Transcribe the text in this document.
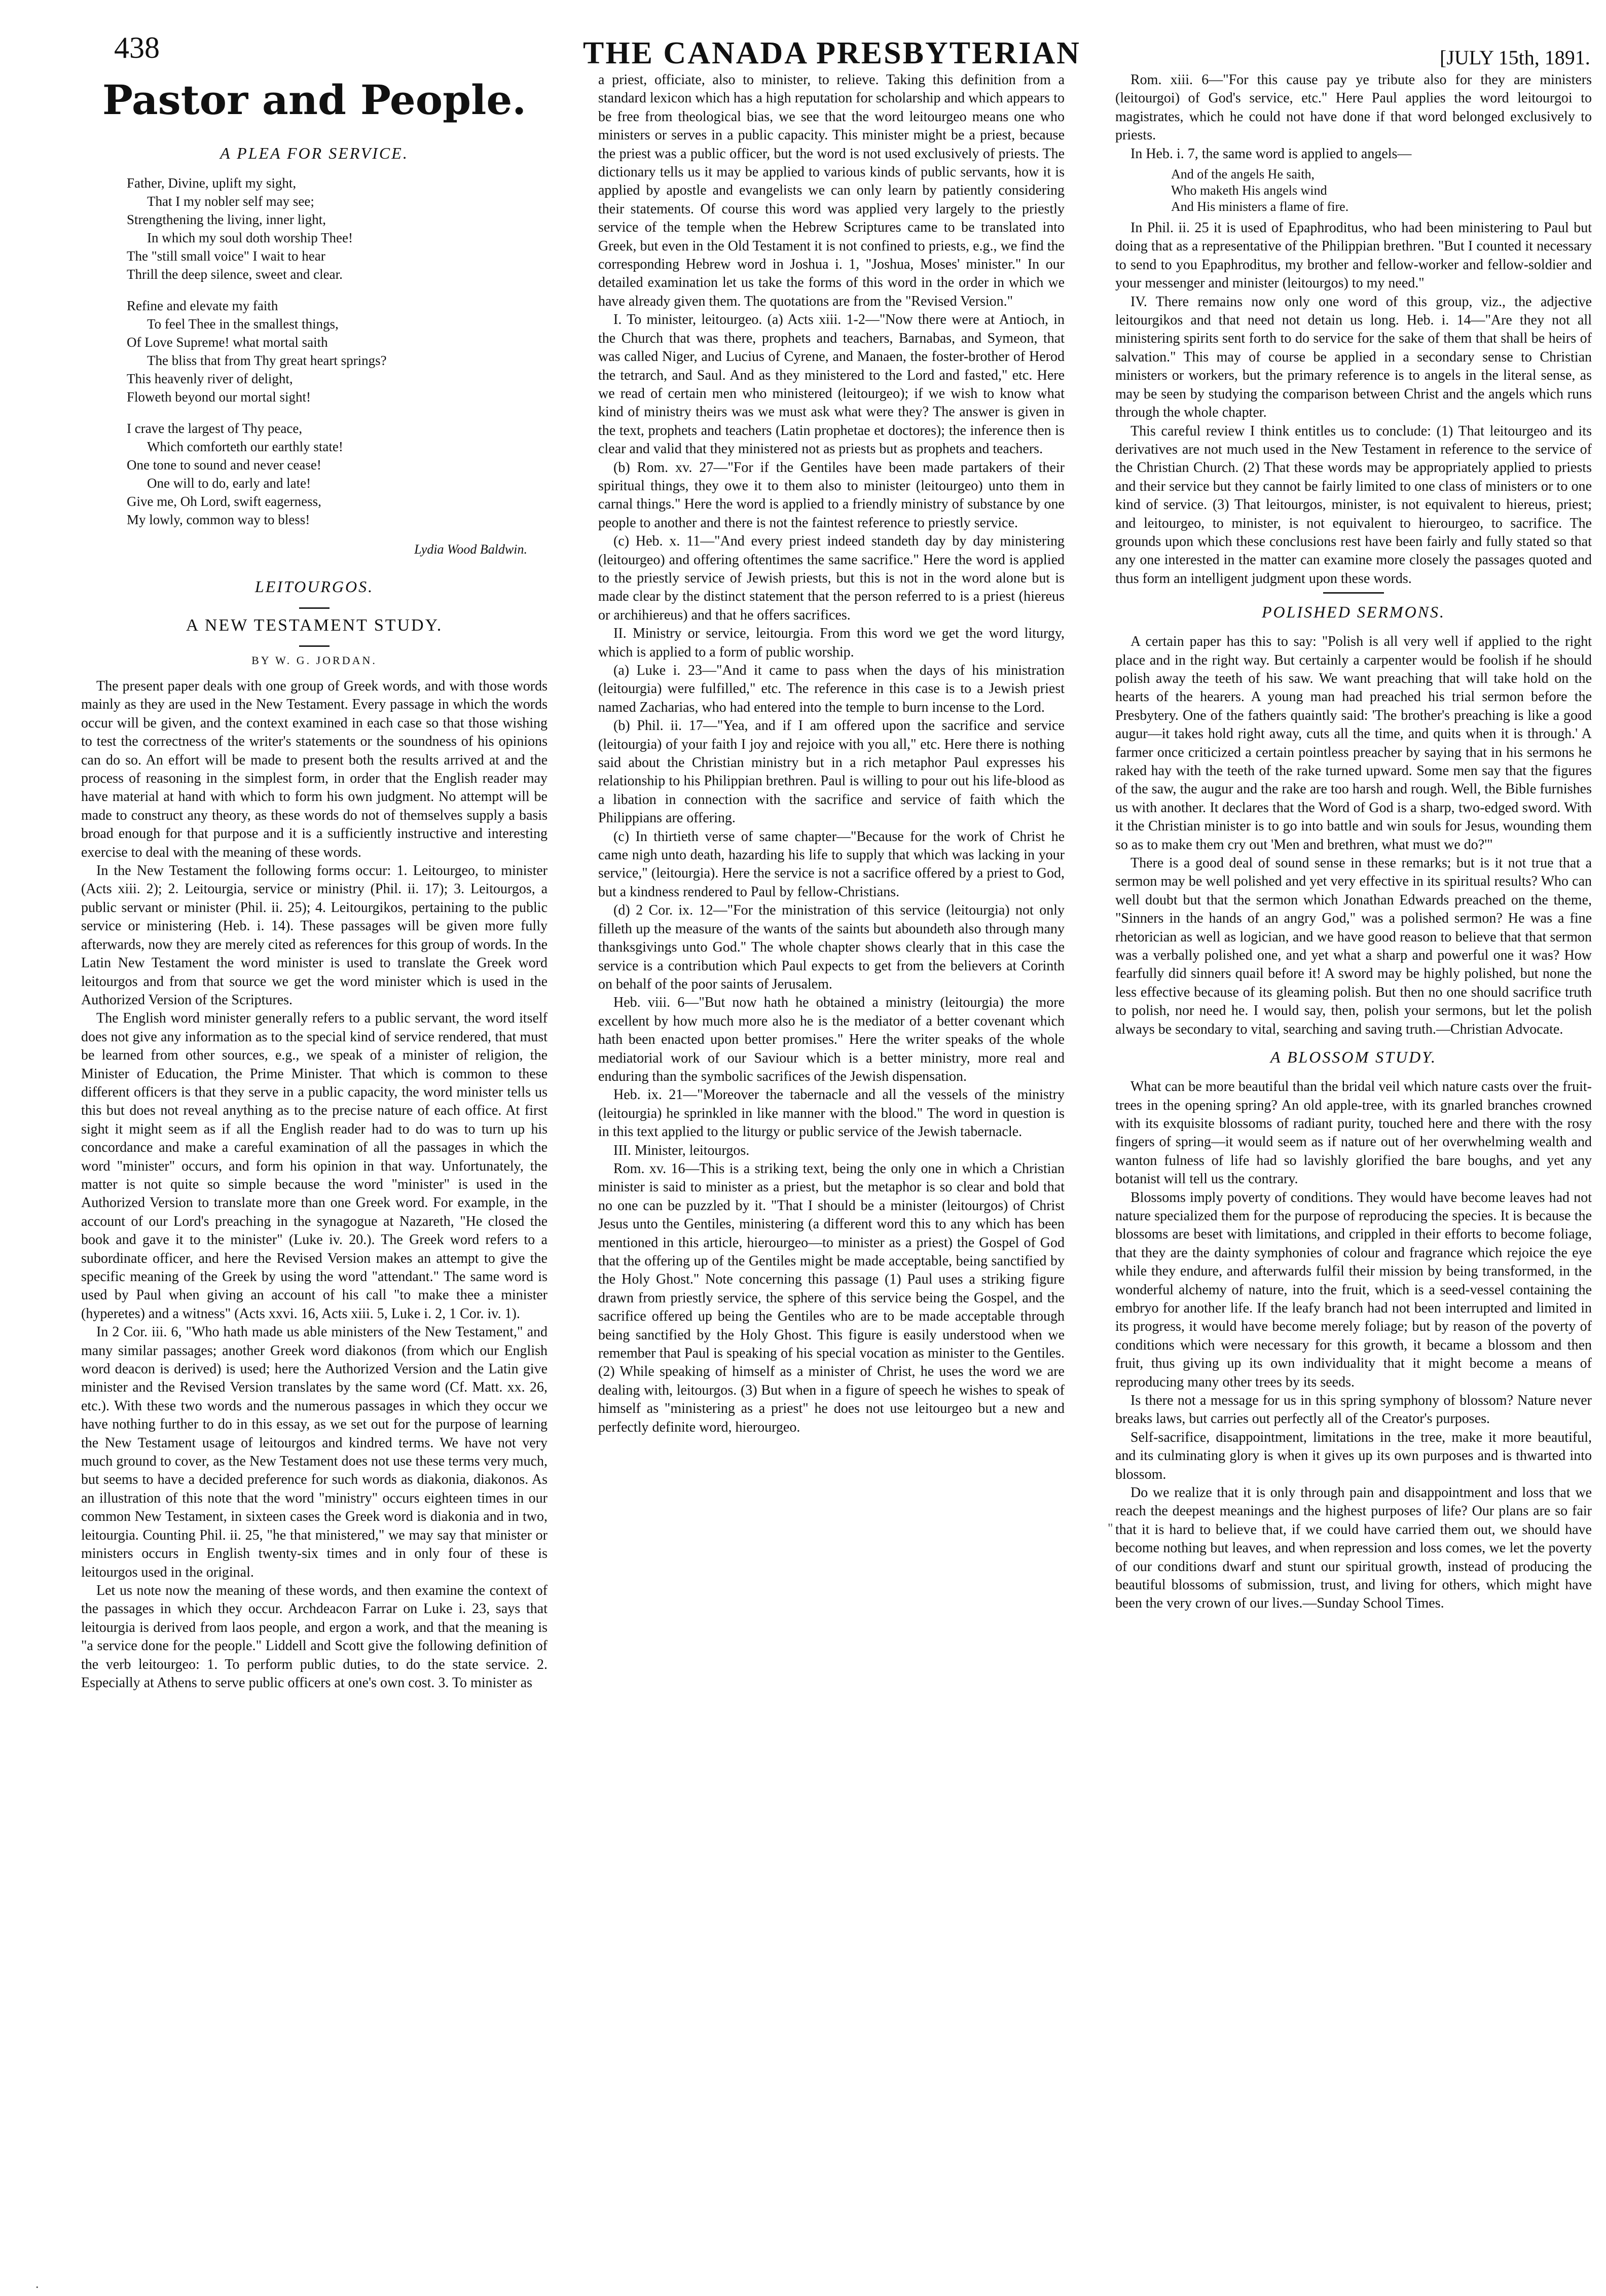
438	THE CANADA PRESBYTERIAN	[JULY 15th, 1891.
Pastor and People.
A PLEA FOR SERVICE.
Father, Divine, uplift my sight,
That I my nobler self may see;
Strengthening the living, inner light,
In which my soul doth worship Thee!
The "still small voice" I wait to hear
Thrill the deep silence, sweet and clear.
Refine and elevate my faith
To feel Thee in the smallest things,
Of Love Supreme! what mortal saith
The bliss that from Thy great heart springs?
This heavenly river of delight,
Floweth beyond our mortal sight!
I crave the largest of Thy peace,
Which comforteth our earthly state!
One tone to sound and never cease!
One will to do, early and late!
Give me, Oh Lord, swift eagerness,
My lowly, common way to bless!
Lydia Wood Baldwin.
LEITOURGOS.
A NEW TESTAMENT STUDY.
BY W. G. JORDAN.

The present paper deals with one group of Greek words, and with those words mainly as they are used in the New Testament. Every passage in which the words occur will be given, and the context examined in each case so that those wishing to test the correctness of the writer's statements or the soundness of his opinions can do so. An effort will be made to present both the results arrived at and the process of reasoning in the simplest form, in order that the English reader may have material at hand with which to form his own judgment. No attempt will be made to construct any theory, as these words do not of themselves supply a basis broad enough for that purpose and it is a sufficiently instructive and interesting exercise to deal with the meaning of these words.

In the New Testament the following forms occur: 1. Leitourgeo, to minister (Acts xiii. 2); 2. Leitourgia, service or ministry (Phil. ii. 17); 3. Leitourgos, a public servant or minister (Phil. ii. 25); 4. Leitourgikos, pertaining to the public service or ministering (Heb. i. 14). These passages will be given more fully afterwards, now they are merely cited as references for this group of words. In the Latin New Testament the word minister is used to translate the Greek word leitourgos and from that source we get the word minister which is used in the Authorized Version of the Scriptures.

The English word minister generally refers to a public servant, the word itself does not give any information as to the special kind of service rendered, that must be learned from other sources, e.g., we speak of a minister of religion, the Minister of Education, the Prime Minister. That which is common to these different officers is that they serve in a public capacity, the word minister tells us this but does not reveal anything as to the precise nature of each office. At first sight it might seem as if all the English reader had to do was to turn up his concordance and make a careful examination of all the passages in which the word "minister" occurs, and form his opinion in that way. Unfortunately, the matter is not quite so simple because the word "minister" is used in the Authorized Version to translate more than one Greek word. For example, in the account of our Lord's preaching in the synagogue at Nazareth, "He closed the book and gave it to the minister" (Luke iv. 20.). The Greek word refers to a subordinate officer, and here the Revised Version makes an attempt to give the specific meaning of the Greek by using the word "attendant." The same word is used by Paul when giving an account of his call "to make thee a minister (hyperetes) and a witness" (Acts xxvi. 16, Acts xiii. 5, Luke i. 2, 1 Cor. iv. 1).

In 2 Cor. iii. 6, "Who hath made us able ministers of the New Testament," and many similar passages; another Greek word diakonos (from which our English word deacon is derived) is used; here the Authorized Version and the Latin give minister and the Revised Version translates by the same word (Cf. Matt. xx. 26, etc.). With these two words and the numerous passages in which they occur we have nothing further to do in this essay, as we set out for the purpose of learning the New Testament usage of leitourgos and kindred terms. We have not very much ground to cover, as the New Testament does not use these terms very much, but seems to have a decided preference for such words as diakonia, diakonos. As an illustration of this note that the word "ministry" occurs eighteen times in our common New Testament, in sixteen cases the Greek word is diakonia and in two, leitourgia. Counting Phil. ii. 25, "he that ministered," we may say that minister or ministers occurs in English twenty-six times and in only four of these is leitourgos used in the original.

Let us note now the meaning of these words, and then examine the context of the passages in which they occur. Archdeacon Farrar on Luke i. 23, says that leitourgia is derived from laos people, and ergon a work, and that the meaning is "a service done for the people." Liddell and Scott give the following definition of the verb leitourgeo: 1. To perform public duties, to do the state service. 2. Especially at Athens to serve public officers at one's own cost. 3. To minister as

a priest, officiate, also to minister, to relieve. Taking this definition from a standard lexicon which has a high reputation for scholarship and which appears to be free from theological bias, we see that the word leitourgeo means one who ministers or serves in a public capacity. This minister might be a priest, because the priest was a public officer, but the word is not used exclusively of priests. The dictionary tells us it may be applied to various kinds of public servants, how it is applied by apostle and evangelists we can only learn by patiently considering their statements. Of course this word was applied very largely to the priestly service of the temple when the Hebrew Scriptures came to be translated into Greek, but even in the Old Testament it is not confined to priests, e.g., we find the corresponding Hebrew word in Joshua i. 1, "Joshua, Moses' minister." In our detailed examination let us take the forms of this word in the order in which we have already given them. The quotations are from the "Revised Version."

I. To minister, leitourgeo. (a) Acts xiii. 1-2—"Now there were at Antioch, in the Church that was there, prophets and teachers, Barnabas, and Symeon, that was called Niger, and Lucius of Cyrene, and Manaen, the foster-brother of Herod the tetrarch, and Saul. And as they ministered to the Lord and fasted," etc. Here we read of certain men who ministered (leitourgeo); if we wish to know what kind of ministry theirs was we must ask what were they? The answer is given in the text, prophets and teachers (Latin prophetae et doctores); the inference then is clear and valid that they ministered not as priests but as prophets and teachers.

(b) Rom. xv. 27—"For if the Gentiles have been made partakers of their spiritual things, they owe it to them also to minister (leitourgeo) unto them in carnal things." Here the word is applied to a friendly ministry of substance by one people to another and there is not the faintest reference to priestly service.

(c) Heb. x. 11—"And every priest indeed standeth day by day ministering (leitourgeo) and offering oftentimes the same sacrifice." Here the word is applied to the priestly service of Jewish priests, but this is not in the word alone but is made clear by the distinct statement that the person referred to is a priest (hiereus or archihiereus) and that he offers sacrifices.

II. Ministry or service, leitourgia. From this word we get the word liturgy, which is applied to a form of public worship.

(a) Luke i. 23—"And it came to pass when the days of his ministration (leitourgia) were fulfilled," etc. The reference in this case is to a Jewish priest named Zacharias, who had entered into the temple to burn incense to the Lord.

(b) Phil. ii. 17—"Yea, and if I am offered upon the sacrifice and service (leitourgia) of your faith I joy and rejoice with you all," etc. Here there is nothing said about the Christian ministry but in a rich metaphor Paul expresses his relationship to his Philippian brethren. Paul is willing to pour out his life-blood as a libation in connection with the sacrifice and service of faith which the Philippians are offering.

(c) In thirtieth verse of same chapter—"Because for the work of Christ he came nigh unto death, hazarding his life to supply that which was lacking in your service," (leitourgia). Here the service is not a sacrifice offered by a priest to God, but a kindness rendered to Paul by fellow-Christians.

(d) 2 Cor. ix. 12—"For the ministration of this service (leitourgia) not only filleth up the measure of the wants of the saints but aboundeth also through many thanksgivings unto God." The whole chapter shows clearly that in this case the service is a contribution which Paul expects to get from the believers at Corinth on behalf of the poor saints of Jerusalem.

Heb. viii. 6—"But now hath he obtained a ministry (leitourgia) the more excellent by how much more also he is the mediator of a better covenant which hath been enacted upon better promises." Here the writer speaks of the whole mediatorial work of our Saviour which is a better ministry, more real and enduring than the symbolic sacrifices of the Jewish dispensation.

Heb. ix. 21—"Moreover the tabernacle and all the vessels of the ministry (leitourgia) he sprinkled in like manner with the blood." The word in question is in this text applied to the liturgy or public service of the Jewish tabernacle.

III. Minister, leitourgos.

Rom. xv. 16—This is a striking text, being the only one in which a Christian minister is said to minister as a priest, but the metaphor is so clear and bold that no one can be puzzled by it. "That I should be a minister (leitourgos) of Christ Jesus unto the Gentiles, ministering (a different word this to any which has been mentioned in this article, hierourgeo—to minister as a priest) the Gospel of God that the offering up of the Gentiles might be made acceptable, being sanctified by the Holy Ghost." Note concerning this passage (1) Paul uses a striking figure drawn from priestly service, the sphere of this service being the Gospel, and the sacrifice offered up being the Gentiles who are to be made acceptable through being sanctified by the Holy Ghost. This figure is easily understood when we remember that Paul is speaking of his special vocation as minister to the Gentiles. (2) While speaking of himself as a minister of Christ, he uses the word we are dealing with, leitourgos. (3) But when in a figure of speech he wishes to speak of himself as "ministering as a priest" he does not use leitourgeo but a new and perfectly definite word, hierourgeo.

Rom. xiii. 6—"For this cause pay ye tribute also for they are ministers (leitourgoi) of God's service, etc." Here Paul applies the word leitourgoi to magistrates, which he could not have done if that word belonged exclusively to priests.

In Heb. i. 7, the same word is applied to angels—

And of the angels He saith,
Who maketh His angels wind
And His ministers a flame of fire.

In Phil. ii. 25 it is used of Epaphroditus, who had been ministering to Paul but doing that as a representative of the Philippian brethren. "But I counted it necessary to send to you Epaphroditus, my brother and fellow-worker and fellow-soldier and your messenger and minister (leitourgos) to my need."

IV. There remains now only one word of this group, viz., the adjective leitourgikos and that need not detain us long. Heb. i. 14—"Are they not all ministering spirits sent forth to do service for the sake of them that shall be heirs of salvation." This may of course be applied in a secondary sense to Christian ministers or workers, but the primary reference is to angels in the literal sense, as may be seen by studying the comparison between Christ and the angels which runs through the whole chapter.

This careful review I think entitles us to conclude: (1) That leitourgeo and its derivatives are not much used in the New Testament in reference to the service of the Christian Church. (2) That these words may be appropriately applied to priests and their service but they cannot be fairly limited to one class of ministers or to one kind of service. (3) That leitourgos, minister, is not equivalent to hiereus, priest; and leitourgeo, to minister, is not equivalent to hierourgeo, to sacrifice. The grounds upon which these conclusions rest have been fairly and fully stated so that any one interested in the matter can examine more closely the passages quoted and thus form an intelligent judgment upon these words.

POLISHED SERMONS.

A certain paper has this to say: "Polish is all very well if applied to the right place and in the right way. But certainly a carpenter would be foolish if he should polish away the teeth of his saw. We want preaching that will take hold on the hearts of the hearers. A young man had preached his trial sermon before the Presbytery. One of the fathers quaintly said: 'The brother's preaching is like a good augur—it takes hold right away, cuts all the time, and quits when it is through.' A farmer once criticized a certain pointless preacher by saying that in his sermons he raked hay with the teeth of the rake turned upward. Some men say that the figures of the saw, the augur and the rake are too harsh and rough. Well, the Bible furnishes us with another. It declares that the Word of God is a sharp, two-edged sword. With it the Christian minister is to go into battle and win souls for Jesus, wounding them so as to make them cry out 'Men and brethren, what must we do?'"

There is a good deal of sound sense in these remarks; but is it not true that a sermon may be well polished and yet very effective in its spiritual results? Who can well doubt but that the sermon which Jonathan Edwards preached on the theme, "Sinners in the hands of an angry God," was a polished sermon? He was a fine rhetorician as well as logician, and we have good reason to believe that that sermon was a verbally polished one, and yet what a sharp and powerful one it was? How fearfully did sinners quail before it! A sword may be highly polished, but none the less effective because of its gleaming polish. But then no one should sacrifice truth to polish, nor need he. I would say, then, polish your sermons, but let the polish always be secondary to vital, searching and saving truth.—Christian Advocate.

A BLOSSOM STUDY.

What can be more beautiful than the bridal veil which nature casts over the fruit-trees in the opening spring? An old apple-tree, with its gnarled branches crowned with its exquisite blossoms of radiant purity, touched here and there with the rosy fingers of spring—it would seem as if nature out of her overwhelming wealth and wanton fulness of life had so lavishly glorified the bare boughs, and yet any botanist will tell us the contrary.

Blossoms imply poverty of conditions. They would have become leaves had not nature specialized them for the purpose of reproducing the species. It is because the blossoms are beset with limitations, and crippled in their efforts to become foliage, that they are the dainty symphonies of colour and fragrance which rejoice the eye while they endure, and afterwards fulfil their mission by being transformed, in the wonderful alchemy of nature, into the fruit, which is a seed-vessel containing the embryo for another life. If the leafy branch had not been interrupted and limited in its progress, it would have become merely foliage; but by reason of the poverty of conditions which were necessary for this growth, it became a blossom and then fruit, thus giving up its own individuality that it might become a means of reproducing many other trees by its seeds.

Is there not a message for us in this spring symphony of blossom? Nature never breaks laws, but carries out perfectly all of the Creator's purposes.

Self-sacrifice, disappointment, limitations in the tree, make it more beautiful, and its culminating glory is when it gives up its own purposes and is thwarted into blossom.

Do we realize that it is only through pain and disappointment and loss that we reach the deepest meanings and the highest purposes of life? Our plans are so fair that it is hard to believe that, if we could have carried them out, we should have become nothing but leaves, and when repression and loss comes, we let the poverty of our conditions dwarf and stunt our spiritual growth, instead of producing the beautiful blossoms of submission, trust, and living for others, which might have been the very crown of our lives.—Sunday School Times.

"
.
